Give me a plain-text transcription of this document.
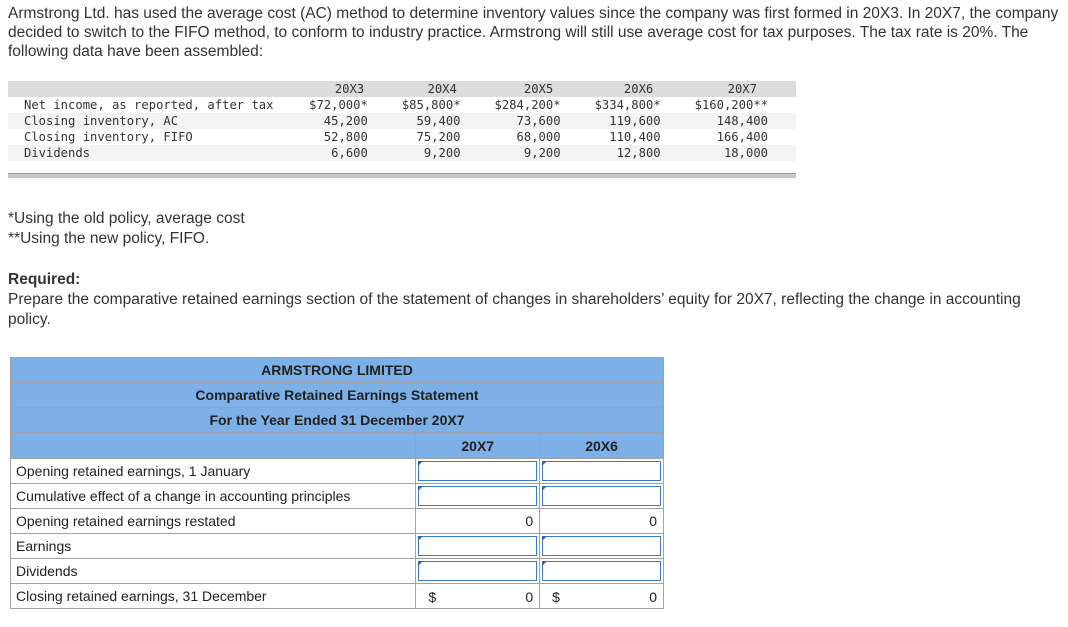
Armstrong Ltd. has used the average cost (AC) method to determine inventory values since the company was first formed in 20X3. In 20X7, the company decided to switch to the FIFO method, to conform to industry practice. Armstrong will still use average cost for tax purposes. The tax rate is 20%. The following data have been assembled:

	20X3	20X4	20X5	20X6	20X7
Net income, as reported, after tax	$72,000*	$85,800*	$284,200*	$334,800*	$160,200**
Closing inventory, AC	45,200	59,400	73,600	119,600	148,400
Closing inventory, FIFO	52,800	75,200	68,000	110,400	166,400
Dividends	6,600	9,200	9,200	12,800	18,000
*Using the old policy, average cost
**Using the new policy, FIFO.
Required:
Prepare the comparative retained earnings section of the statement of changes in shareholders’ equity for 20X7, reflecting the change in accounting policy.
ARMSTRONG LIMITED		
Comparative Retained Earnings Statement		
For the Year Ended 31 December 20X7		
	20X7	20X6
Opening retained earnings, 1 January	

Cumulative effect of a change in accounting principles	

Opening retained earnings restated	0	0
Earnings	

Dividends	

Closing retained earnings, 31 December	$ 0	$ 0
